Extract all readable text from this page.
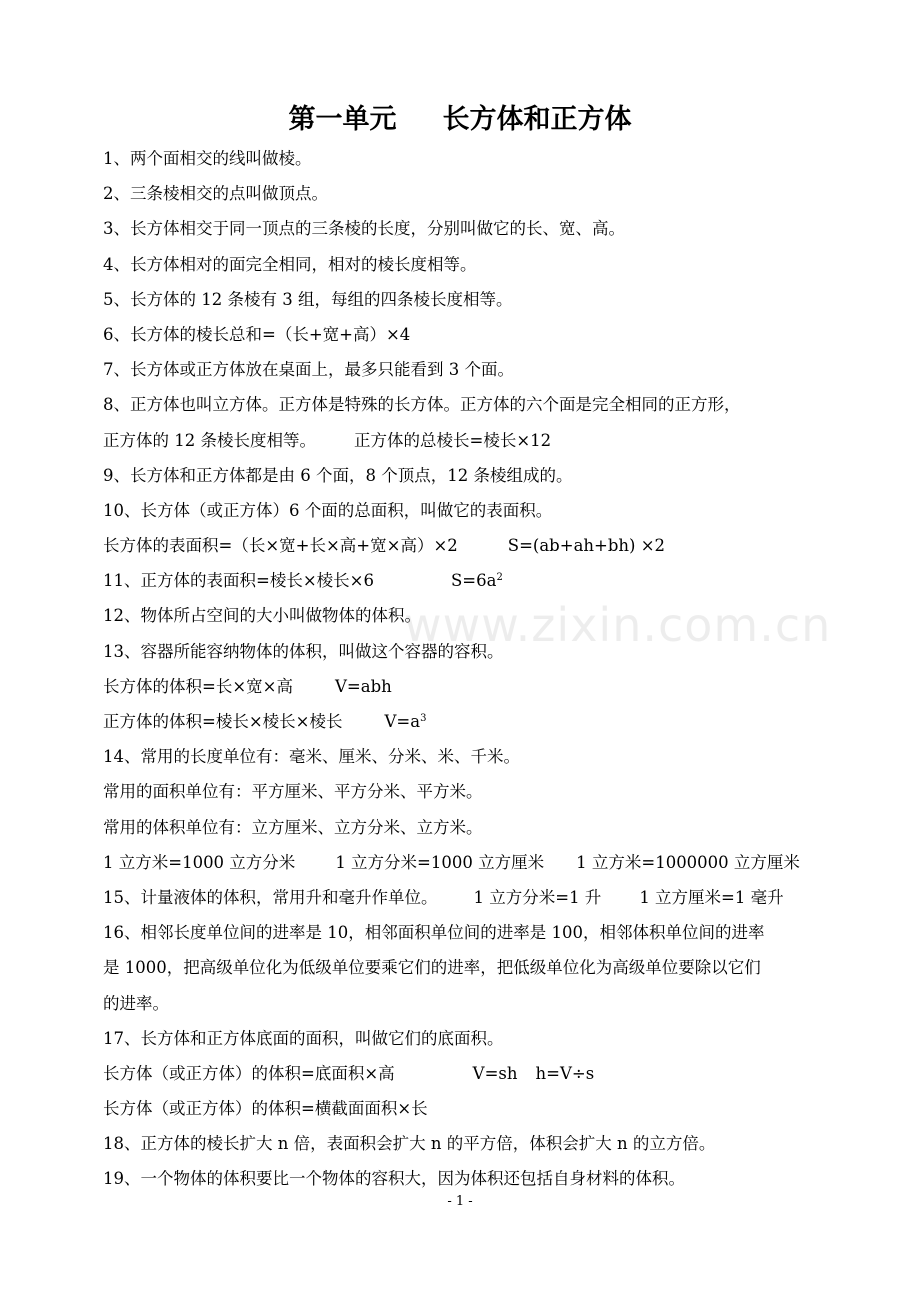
www.zixin.com.cn
第一单元 长方体和正方体
1、两个面相交的线叫做棱。
2、三条棱相交的点叫做顶点。
3、长方体相交于同一顶点的三条棱的长度，分别叫做它的长、宽、高。
4、长方体相对的面完全相同，相对的棱长度相等。
5、长方体的 12 条棱有 3 组，每组的四条棱长度相等。
6、长方体的棱长总和=（长+宽+高）×4
7、长方体或正方体放在桌面上，最多只能看到 3 个面。
8、正方体也叫立方体。正方体是特殊的长方体。正方体的六个面是完全相同的正方形，
正方体的 12 条棱长度相等。 正方体的总棱长=棱长×12
9、长方体和正方体都是由 6 个面，8 个顶点，12 条棱组成的。
10、长方体（或正方体）6 个面的总面积，叫做它的表面积。
长方体的表面积=（长×宽+长×高+宽×高）×2	S=(ab+ah+bh) ×2
11、正方体的表面积=棱长×棱长×6	$S=6a^2$
12、物体所占空间的大小叫做物体的体积。
13、容器所能容纳物体的体积，叫做这个容器的容积。
长方体的体积=长×宽×高	V=abh
正方体的体积=棱长×棱长×棱长	$V=a^3$
14、常用的长度单位有：毫米、厘米、分米、米、千米。
常用的面积单位有：平方厘米、平方分米、平方米。
常用的体积单位有：立方厘米、立方分米、立方米。
1 立方米=1000 立方分米 1 立方分米=1000 立方厘米 1 立方米=1000000 立方厘米
15、计量液体的体积，常用升和毫升作单位。 1 立方分米=1 升 1 立方厘米=1 毫升
16、相邻长度单位间的进率是 10，相邻面积单位间的进率是 100，相邻体积单位间的进率
是 1000，把高级单位化为低级单位要乘它们的进率，把低级单位化为高级单位要除以它们
的进率。
17、长方体和正方体底面的面积，叫做它们的底面积。
长方体（或正方体）的体积=底面积×高	V=sh h=V÷s
长方体（或正方体）的体积=横截面面积×长
18、正方体的棱长扩大 n 倍，表面积会扩大 n 的平方倍，体积会扩大 n 的立方倍。
19、一个物体的体积要比一个物体的容积大，因为体积还包括自身材料的体积。
- 1 -
